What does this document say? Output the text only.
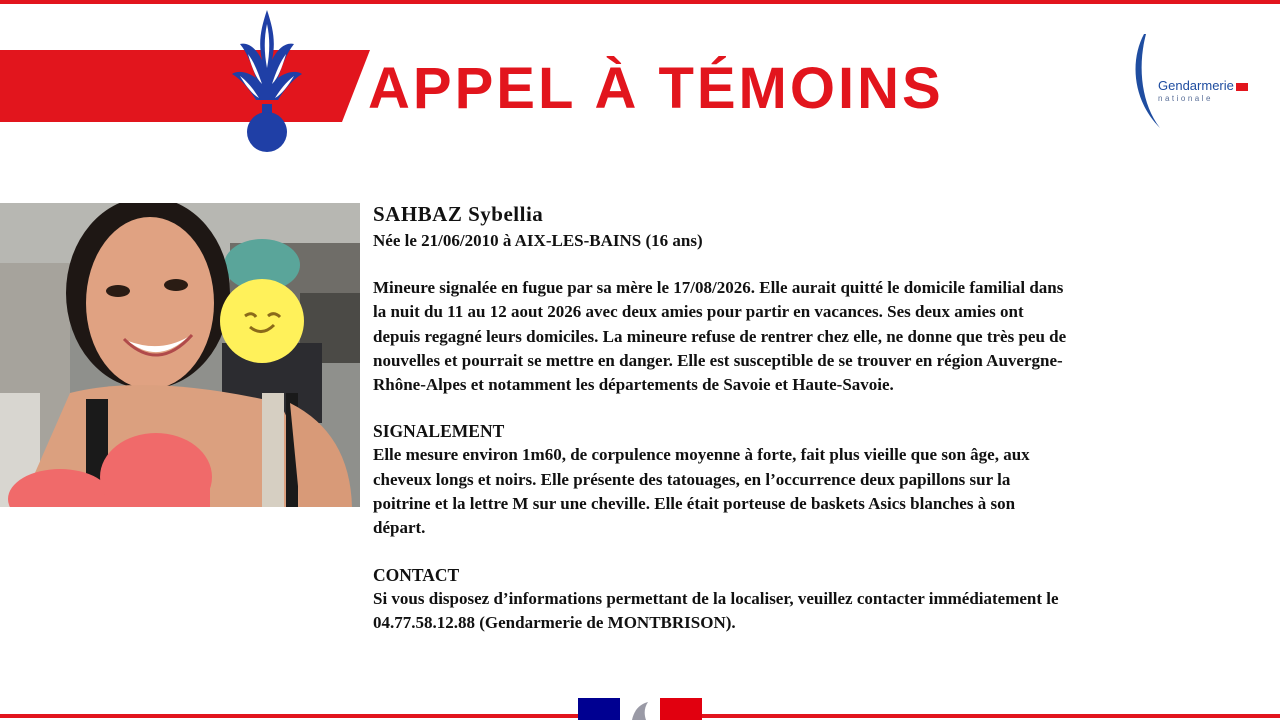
APPEL À TÉMOINS	Gendarmerie
nationale
SAHBAZ Sybellia
Née le 21/06/2010 à AIX-LES-BAINS (16 ans)

Mineure signalée en fugue par sa mère le 17/08/2026. Elle aurait quitté le domicile familial dans

la nuit du 11 au 12 aout 2026 avec deux amies pour partir en vacances. Ses deux amies ont

depuis regagné leurs domiciles. La mineure refuse de rentrer chez elle, ne donne que très peu de

nouvelles et pourrait se mettre en danger. Elle est susceptible de se trouver en région Auvergne-

Rhône-Alpes et notamment les départements de Savoie et Haute-Savoie.

SIGNALEMENT

Elle mesure environ 1m60, de corpulence moyenne à forte, fait plus vieille que son âge, aux

cheveux longs et noirs. Elle présente des tatouages, en l’occurrence deux papillons sur la

poitrine et la lettre M sur une cheville. Elle était porteuse de baskets Asics blanches à son

départ.

CONTACT

Si vous disposez d’informations permettant de la localiser, veuillez contacter immédiatement le

04.77.58.12.88 (Gendarmerie de MONTBRISON).
